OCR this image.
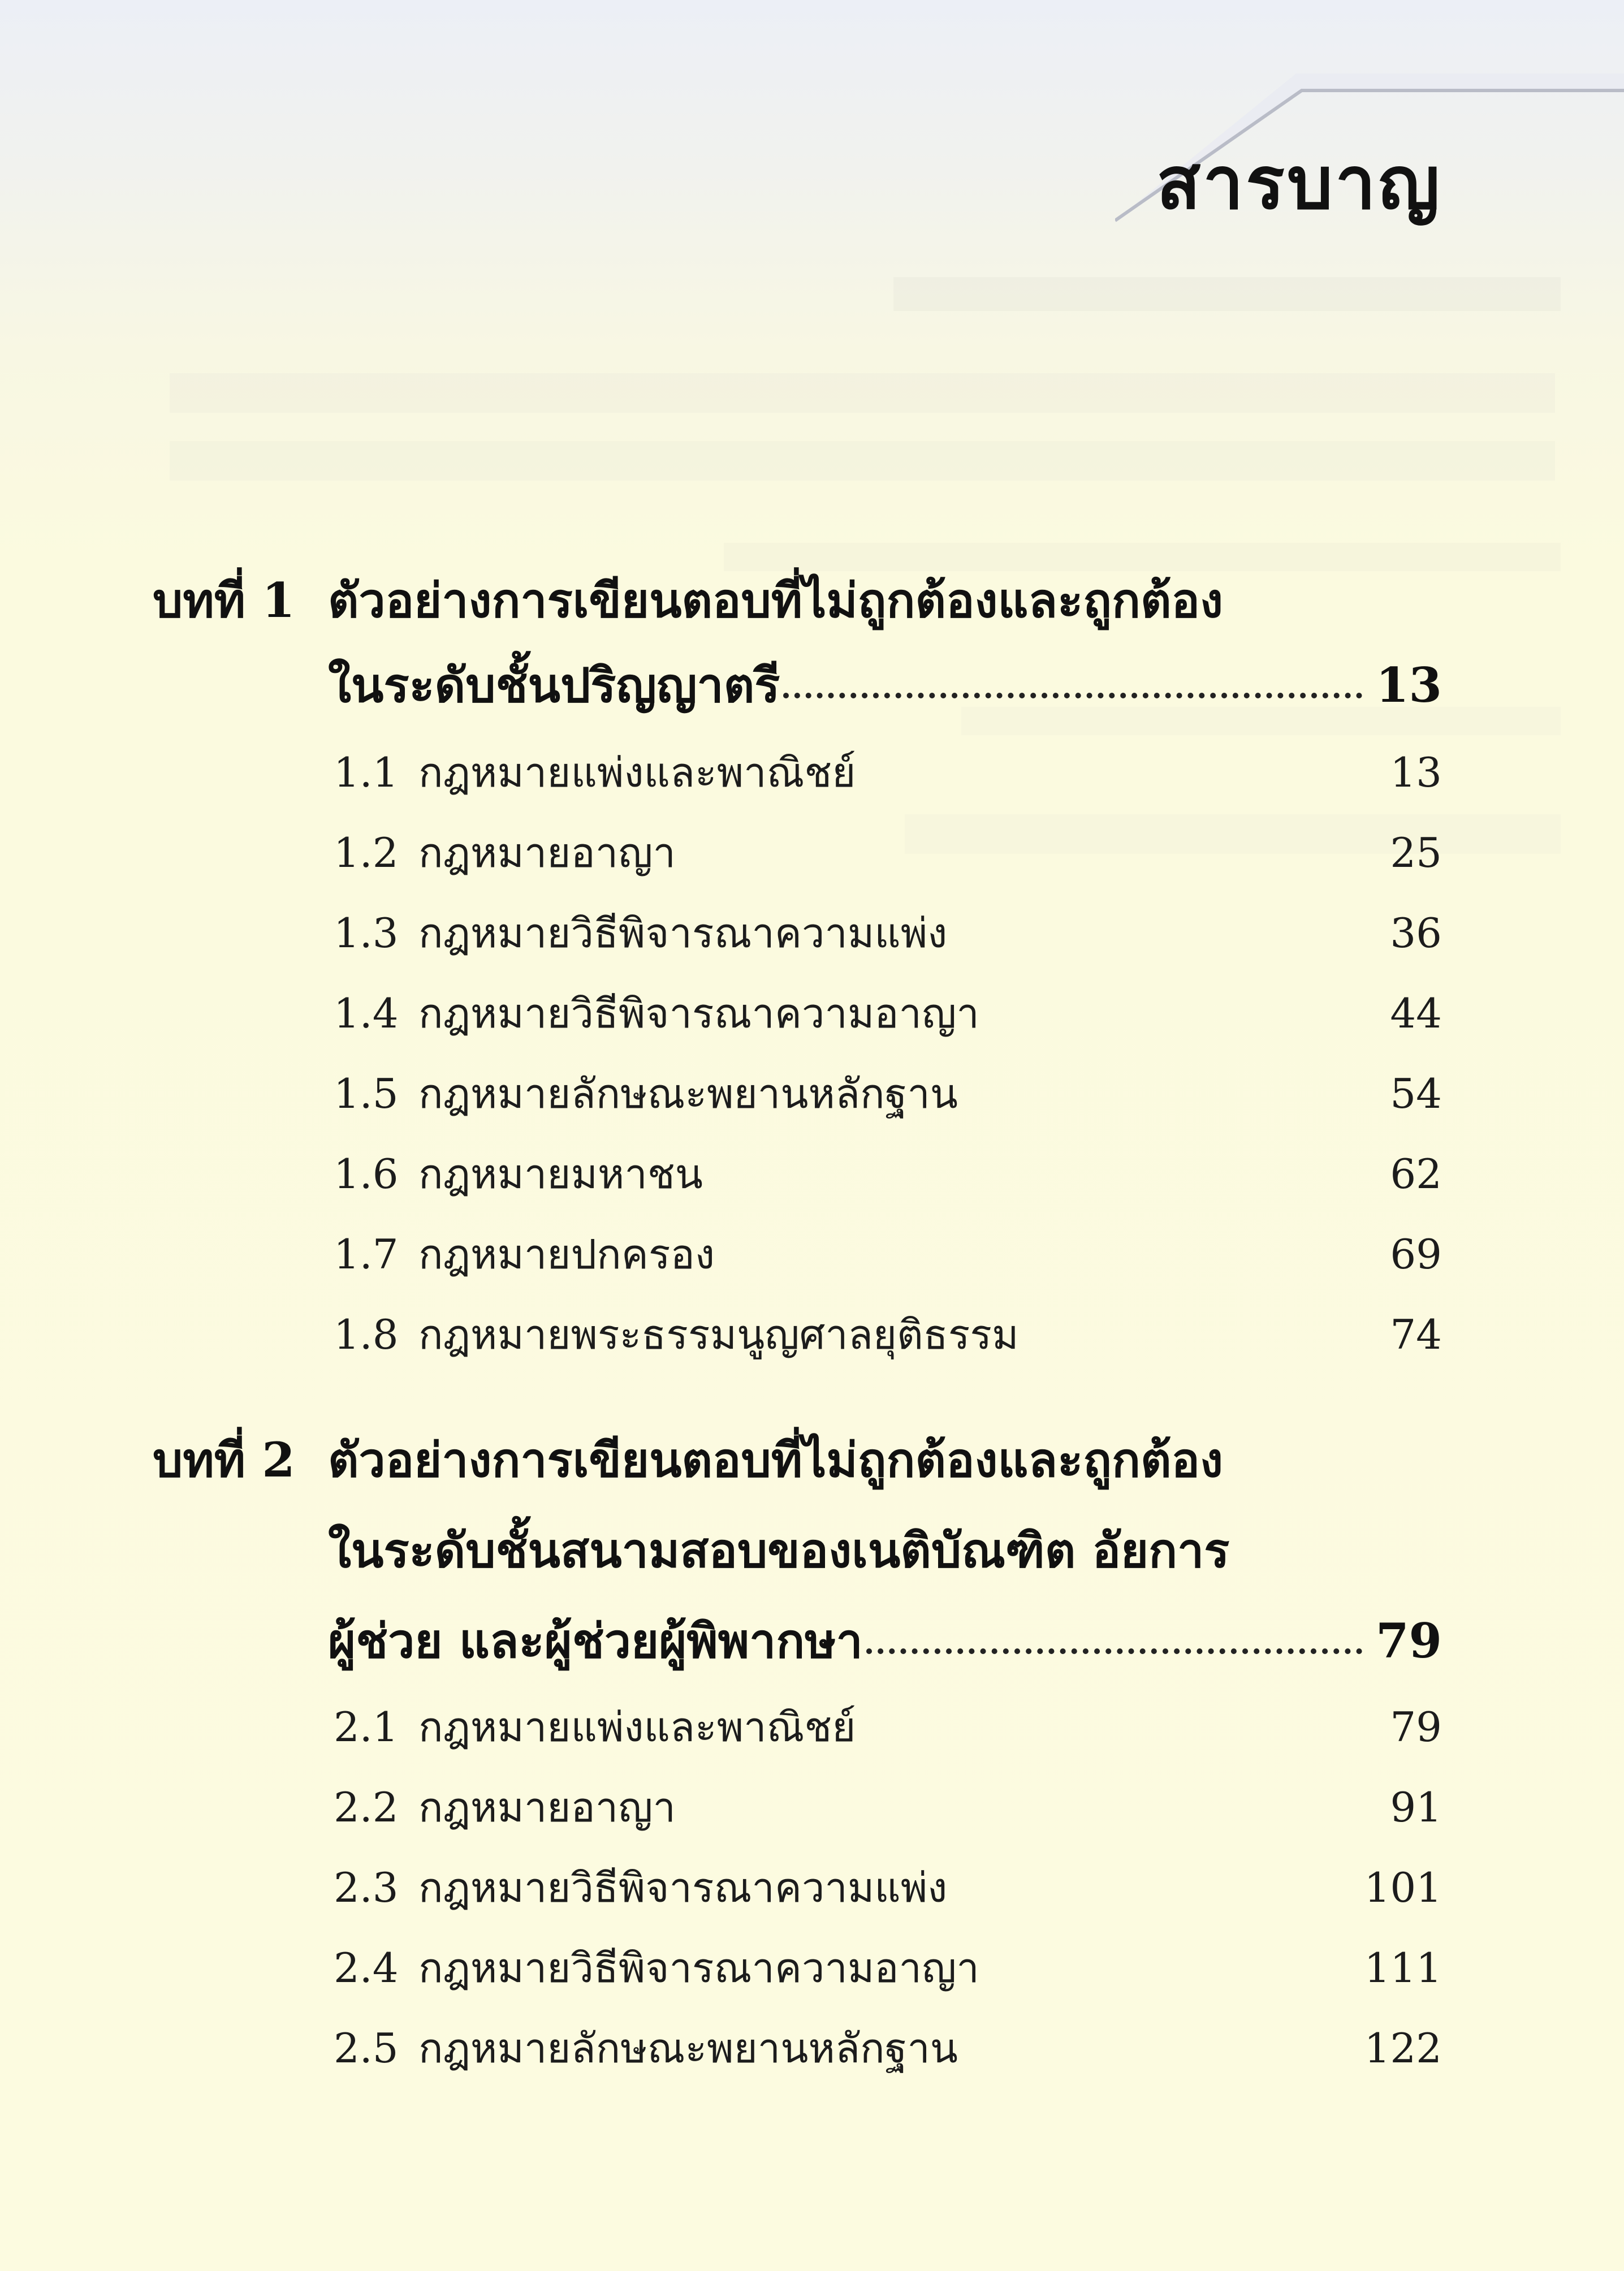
สารบาญ
บทที่ 1 ตัวอย่างการเขียนตอบที่ไม่ถูกต้องและถูกต้อง
ในระดับชั้นปริญญาตรี	13
1.1 กฎหมายแพ่งและพาณิชย์	13
1.2 กฎหมายอาญา	25
1.3 กฎหมายวิธีพิจารณาความแพ่ง	36
1.4 กฎหมายวิธีพิจารณาความอาญา	44
1.5 กฎหมายลักษณะพยานหลักฐาน	54
1.6 กฎหมายมหาชน	62
1.7 กฎหมายปกครอง	69
1.8 กฎหมายพระธรรมนูญศาลยุติธรรม	74
บทที่ 2 ตัวอย่างการเขียนตอบที่ไม่ถูกต้องและถูกต้อง
ในระดับชั้นสนามสอบของเนติบัณฑิต อัยการ
ผู้ช่วย และผู้ช่วยผู้พิพากษา	79
2.1 กฎหมายแพ่งและพาณิชย์	79
2.2 กฎหมายอาญา	91
2.3 กฎหมายวิธีพิจารณาความแพ่ง	101
2.4 กฎหมายวิธีพิจารณาความอาญา	111
2.5 กฎหมายลักษณะพยานหลักฐาน	122
